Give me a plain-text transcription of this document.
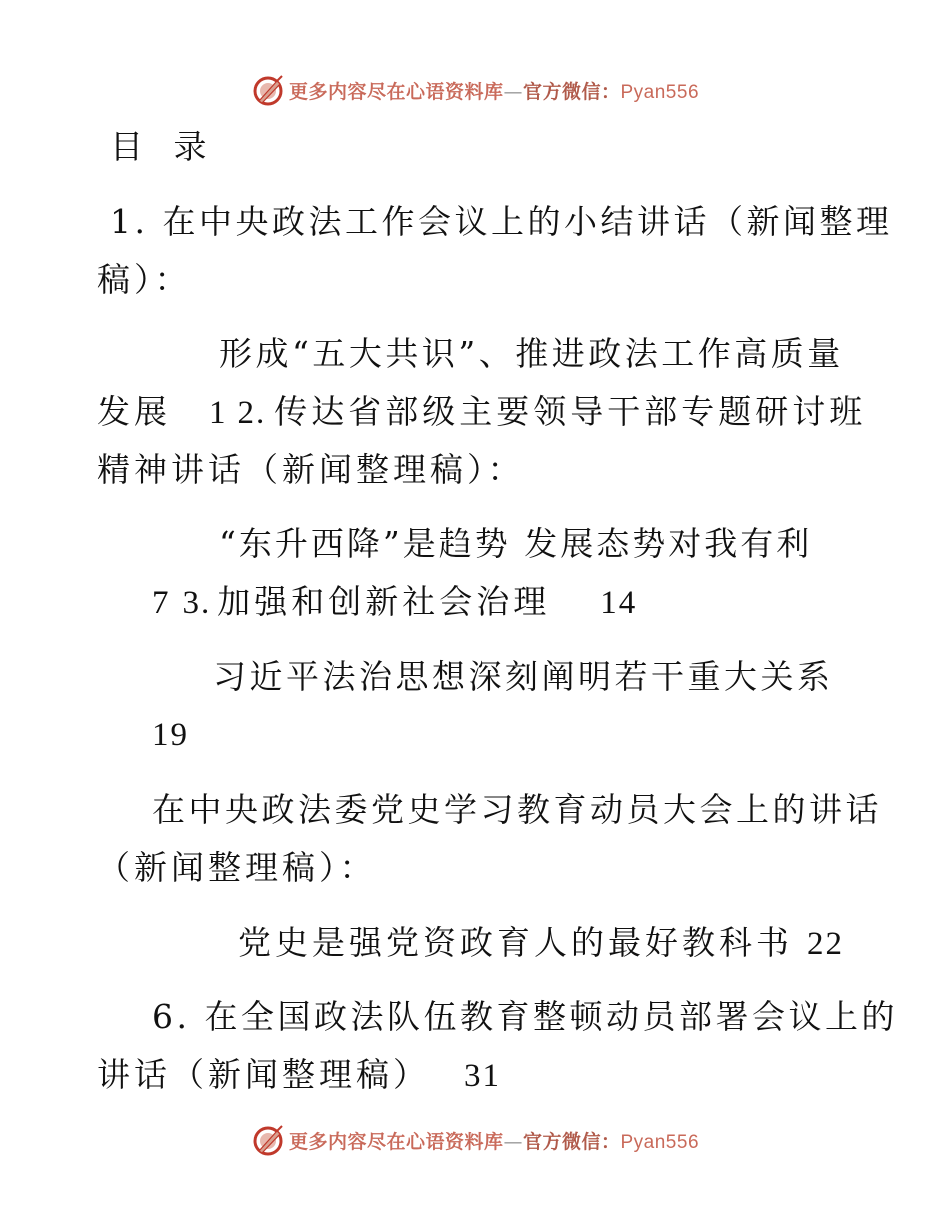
更多内容尽在心语资料库—官方微信：Pyan556
目 录
1. 在中央政法工作会议上的小结讲话（新闻整理
稿）：
形成“五大共识”、推进政法工作高质量
发展 1 2. 传达省部级主要领导干部专题研讨班
精神讲话（新闻整理稿）：
“东升西降”是趋势 发展态势对我有利
7 3. 加强和创新社会治理 14
习近平法治思想深刻阐明若干重大关系
19
在中央政法委党史学习教育动员大会上的讲话
（新闻整理稿）：
党史是强党资政育人的最好教科书 22
6. 在全国政法队伍教育整顿动员部署会议上的
讲话（新闻整理稿） 31
更多内容尽在心语资料库—官方微信：Pyan556
